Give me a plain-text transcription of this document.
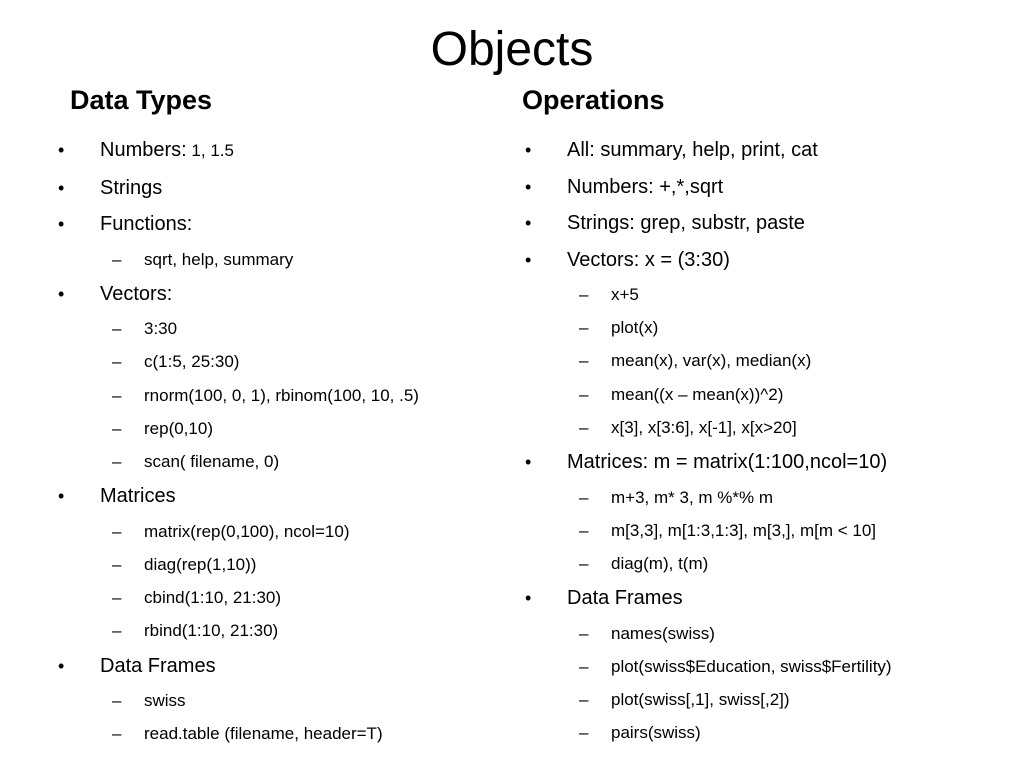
Objects
Data Types
• Numbers: 1, 1.5
• Strings
• Functions:
– sqrt, help, summary
• Vectors:
– 3:30
– c(1:5, 25:30)
– rnorm(100, 0, 1), rbinom(100, 10, .5)
– rep(0,10)
– scan( filename, 0)
• Matrices
– matrix(rep(0,100), ncol=10)
– diag(rep(1,10))
– cbind(1:10, 21:30)
– rbind(1:10, 21:30)
• Data Frames
– swiss
– read.table (filename, header=T)
Operations
• All: summary, help, print, cat
• Numbers: +,*,sqrt
• Strings: grep, substr, paste
• Vectors: x = (3:30)
– x+5
– plot(x)
– mean(x), var(x), median(x)
– mean((x – mean(x))^2)
– x[3], x[3:6], x[-1], x[x>20]
• Matrices: m = matrix(1:100,ncol=10)
– m+3, m* 3, m %*% m
– m[3,3], m[1:3,1:3], m[3,], m[m < 10]
– diag(m), t(m)
• Data Frames
– names(swiss)
– plot(swiss$Education, swiss$Fertility)
– plot(swiss[,1], swiss[,2])
– pairs(swiss)
